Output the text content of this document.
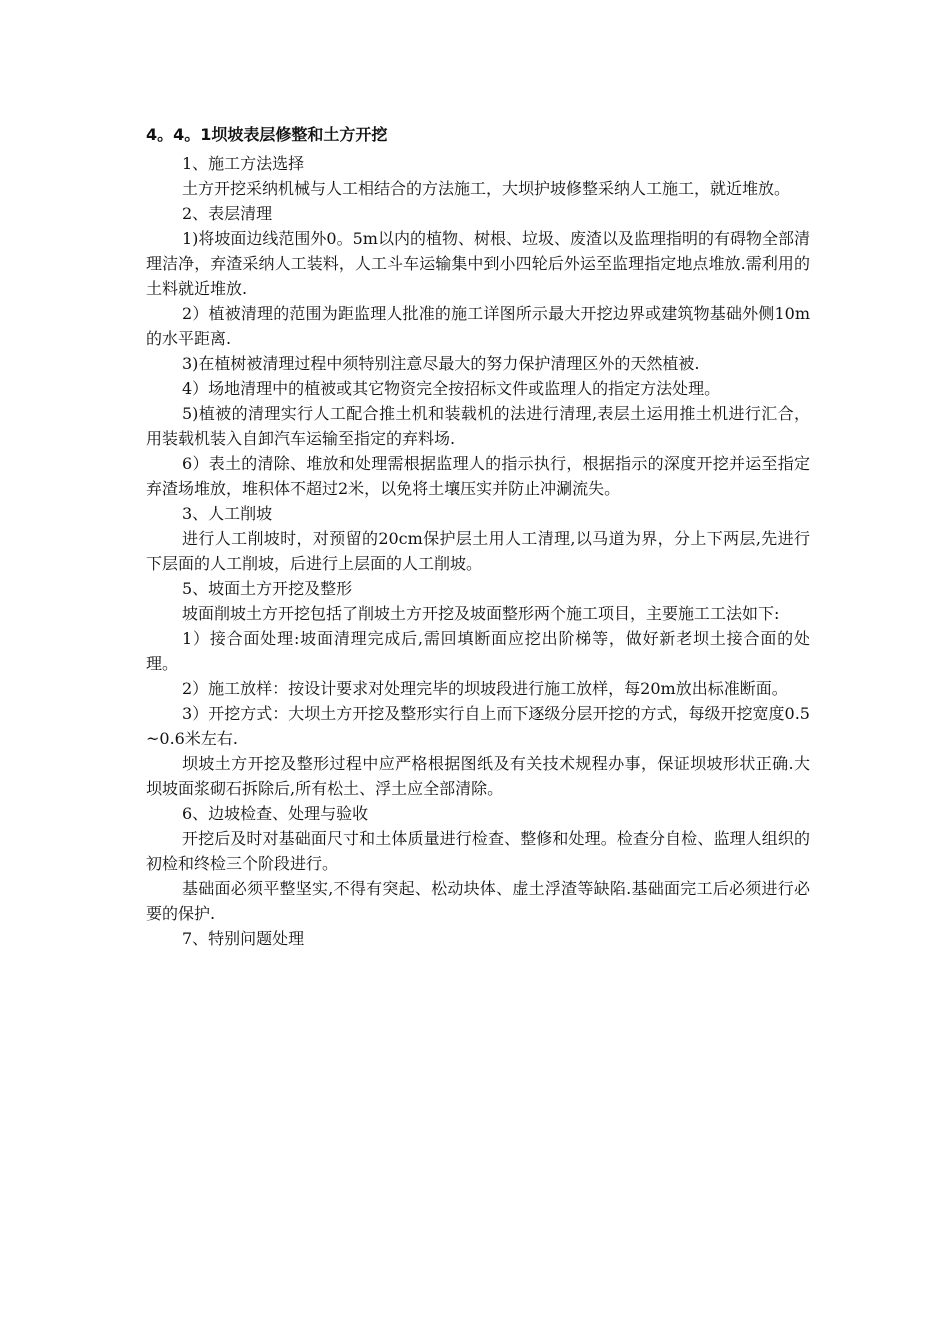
4。4。1坝坡表层修整和土方开挖

1、施工方法选择

土方开挖采纳机械与人工相结合的方法施工，大坝护坡修整采纳人工施工，就近堆放。

2、表层清理

1)将坡面边线范围外0。5m以内的植物、树根、垃圾、废渣以及监理指明的有碍物全部清理洁净，弃渣采纳人工装料，人工斗车运输集中到小四轮后外运至监理指定地点堆放.需利用的土料就近堆放.

2）植被清理的范围为距监理人批准的施工详图所示最大开挖边界或建筑物基础外侧10m的水平距离.

3)在植树被清理过程中须特别注意尽最大的努力保护清理区外的天然植被.

4）场地清理中的植被或其它物资完全按招标文件或监理人的指定方法处理。

5)植被的清理实行人工配合推土机和装载机的法进行清理,表层土运用推土机进行汇合，用装载机装入自卸汽车运输至指定的弃料场.

6）表土的清除、堆放和处理需根据监理人的指示执行，根据指示的深度开挖并运至指定弃渣场堆放，堆积体不超过2米，以免将土壤压实并防止冲涮流失。

3、人工削坡

进行人工削坡时，对预留的20cm保护层土用人工清理,以马道为界，分上下两层,先进行下层面的人工削坡，后进行上层面的人工削坡。

5、坡面土方开挖及整形

坡面削坡土方开挖包括了削坡土方开挖及坡面整形两个施工项目，主要施工工法如下:

1）接合面处理:坡面清理完成后,需回填断面应挖出阶梯等，做好新老坝土接合面的处理。

2）施工放样：按设计要求对处理完毕的坝坡段进行施工放样，每20m放出标准断面。

3）开挖方式：大坝土方开挖及整形实行自上而下逐级分层开挖的方式，每级开挖宽度0.5~0.6米左右.

坝坡土方开挖及整形过程中应严格根据图纸及有关技术规程办事，保证坝坡形状正确.大坝坡面浆砌石拆除后,所有松土、浮土应全部清除。

6、边坡检查、处理与验收

开挖后及时对基础面尺寸和土体质量进行检查、整修和处理。检查分自检、监理人组织的初检和终检三个阶段进行。

基础面必须平整坚实,不得有突起、松动块体、虚土浮渣等缺陷.基础面完工后必须进行必要的保护.

7、特别问题处理
